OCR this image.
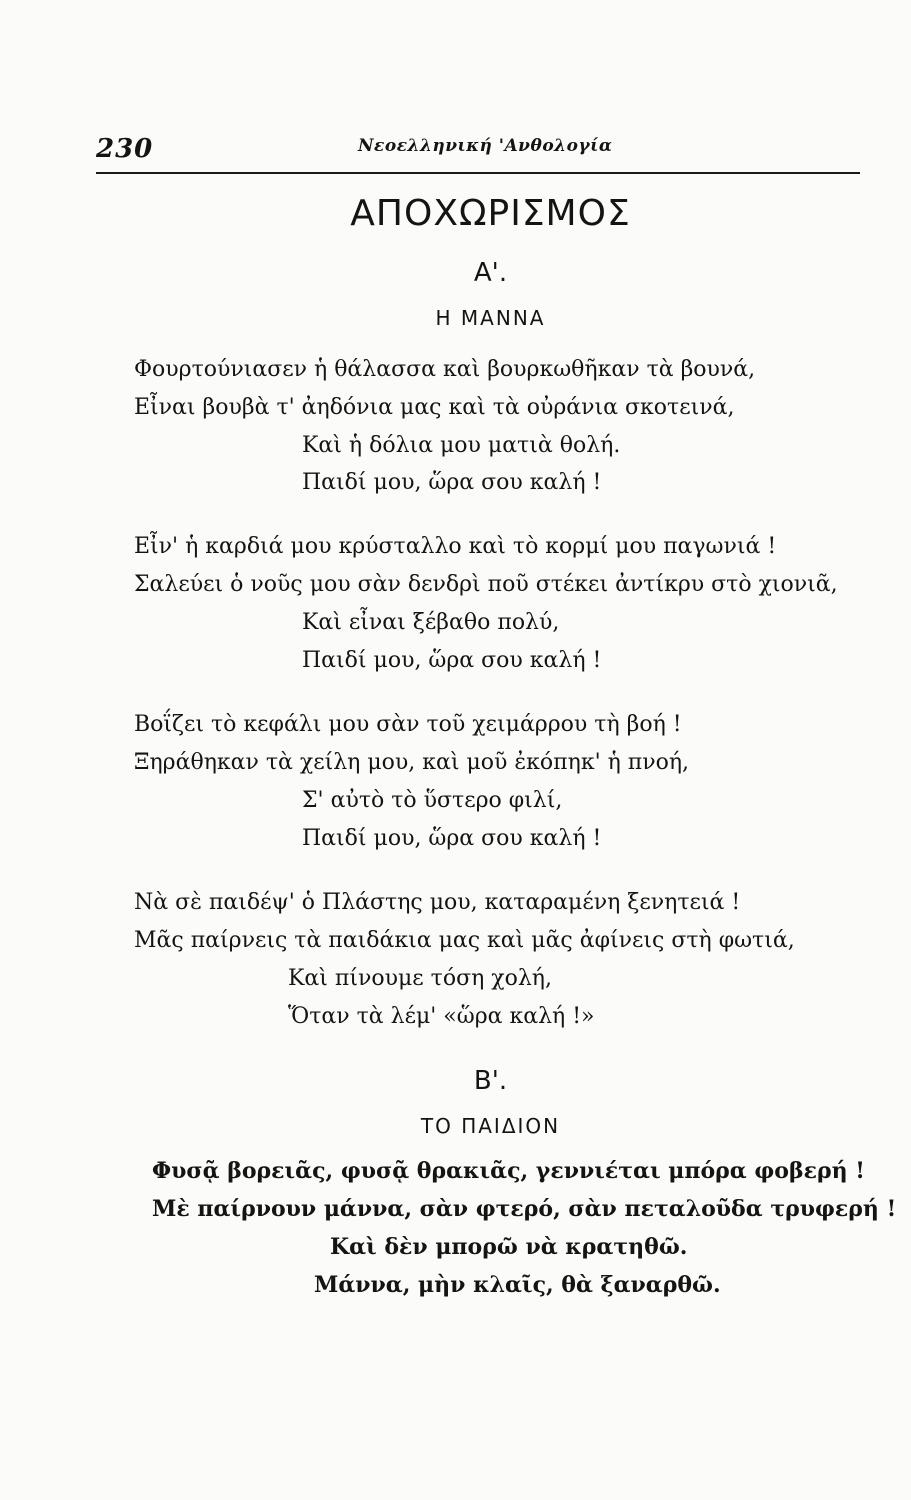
230	Νεοελληνική 'Ανθολογία
ΑΠΟΧΩΡΙΣΜΟΣ
Α'.
Η ΜΑΝΝΑ
Φουρτούνιασεν ἡ θάλασσα καὶ βουρκωθῆκαν τὰ βουνά,
Εἶναι βουβὰ τ' ἀηδόνια μας καὶ τὰ οὐράνια σκοτεινά,
Καὶ ἡ δόλια μου ματιὰ θολή.
Παιδί μου, ὥρα σου καλή !
Εἶν' ἡ καρδιά μου κρύσταλλο καὶ τὸ κορμί μου παγωνιά !
Σαλεύει ὁ νοῦς μου σὰν δενδρὶ ποῦ στέκει ἀντίκρυ στὸ χιονιᾶ,
Καὶ εἶναι ξέβαθο πολύ,
Παιδί μου, ὥρα σου καλή !
Βοΐζει τὸ κεφάλι μου σὰν τοῦ χειμάρρου τὴ βοή !
Ξηράθηκαν τὰ χείλη μου, καὶ μοῦ ἐκόπηκ' ἡ πνοή,
Σ' αὐτὸ τὸ ὕστερο φιλί,
Παιδί μου, ὥρα σου καλή !
Νὰ σὲ παιδέψ' ὁ Πλάστης μου, καταραμένη ξενητειά !
Μᾶς παίρνεις τὰ παιδάκια μας καὶ μᾶς ἀφίνεις στὴ φωτιά,
Καὶ πίνουμε τόση χολή,
Ὅταν τὰ λέμ' «ὥρα καλή !»
Β'.
ΤΟ ΠΑΙΔΙΟΝ
Φυσᾷ βορειᾶς, φυσᾷ θρακιᾶς, γεννιέται μπόρα φοβερή !
Μὲ παίρνουν μάννα, σὰν φτερό, σὰν πεταλοῦδα τρυφερή !
Καὶ δὲν μπορῶ νὰ κρατηθῶ.
Μάννα, μὴν κλαῖς, θὰ ξαναρθῶ.
